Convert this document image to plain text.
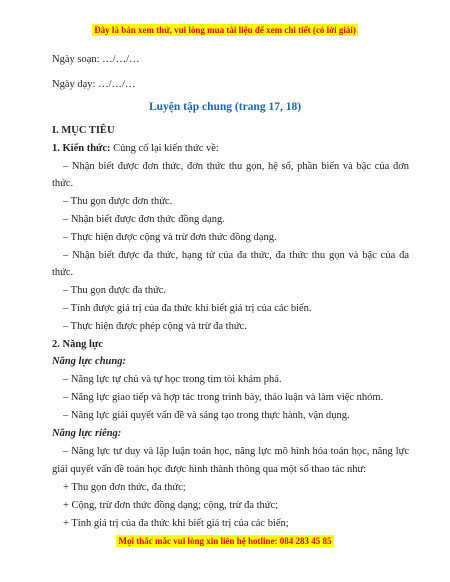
Đây là bản xem thử, vui lòng mua tài liệu để xem chi tiết (có lời giải)
Ngày soạn: …/…/…
Ngày dạy: …/…/…
Luyện tập chung (trang 17, 18)
I. MỤC TIÊU
1. Kiến thức: Củng cố lại kiến thức về:
– Nhận biết được đơn thức, đơn thức thu gọn, hệ số, phần biến và bậc của đơn
thức.
– Thu gọn được đơn thức.
– Nhận biết được đơn thức đồng dạng.
– Thực hiện được cộng và trừ đơn thức đồng dạng.
– Nhận biết được đa thức, hạng tử của đa thức, đa thức thu gọn và bậc của đa
thức.
– Thu gọn được đa thức.
– Tính được giá trị của đa thức khi biết giá trị của các biến.
– Thực hiện được phép cộng và trừ đa thức.
2. Năng lực
Năng lực chung:
– Năng lực tự chủ và tự học trong tìm tòi khám phá.
– Năng lực giao tiếp và hợp tác trong trình bày, thảo luận và làm việc nhóm.
– Năng lực giải quyết vấn đề và sáng tạo trong thực hành, vận dụng.
Năng lực riêng:
– Năng lực tư duy và lập luận toán học, năng lực mô hình hóa toán học, năng lực
giải quyết vấn đề toán học được hình thành thông qua một số thao tác như:
+ Thu gọn đơn thức, đa thức;
+ Cộng, trừ đơn thức đồng dạng; cộng, trừ đa thức;
+ Tính giá trị của đa thức khi biết giá trị của các biến;
Mọi thắc mắc vui lòng xin liên hệ hotline: 084 283 45 85
